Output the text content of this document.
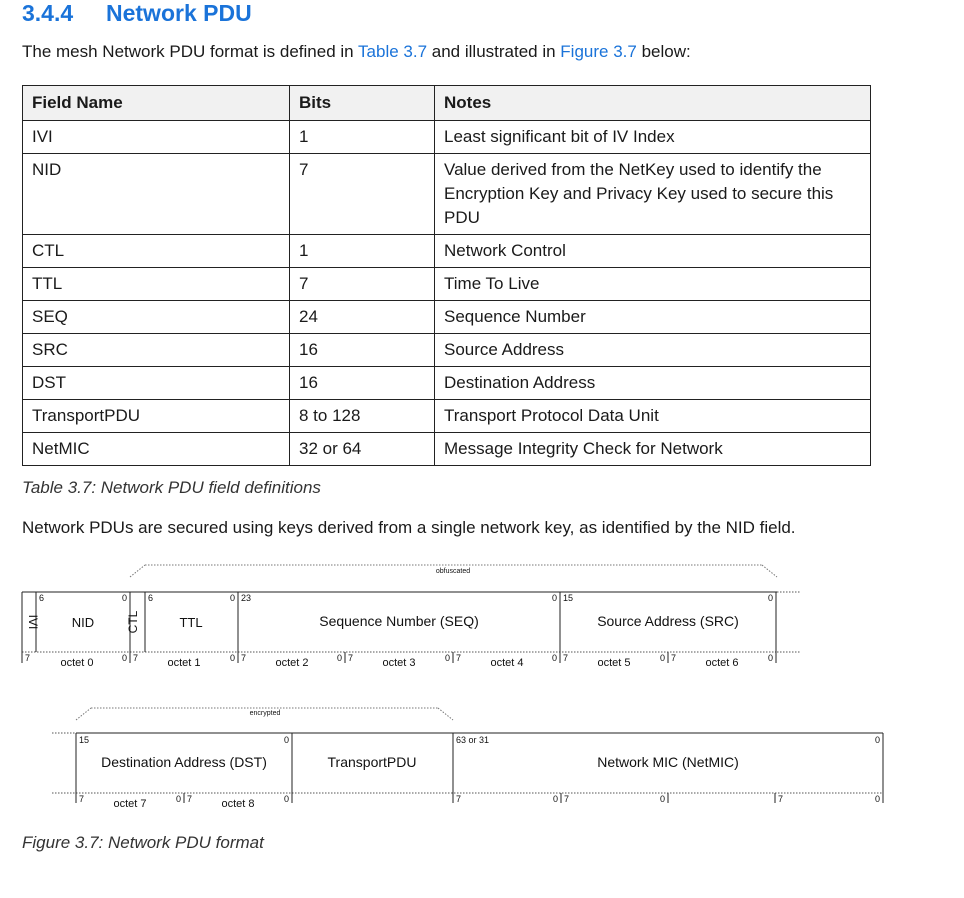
3.4.4	Network PDU
The mesh Network PDU format is defined in Table 3.7 and illustrated in Figure 3.7 below:
Field Name	Bits	Notes
IVI	1	Least significant bit of IV Index
NID	7	Value derived from the NetKey used to identify the Encryption Key and Privacy Key used to secure this PDU
CTL	1	Network Control
TTL	7	Time To Live
SEQ	24	Sequence Number
SRC	16	Source Address
DST	16	Destination Address
TransportPDU	8 to 128	Transport Protocol Data Unit
NetMIC	32 or 64	Message Integrity Check for Network
Table 3.7: Network PDU field definitions
Network PDUs are secured using keys derived from a single network key, as identified by the NID field.
obfuscated
IVI NID	CTL	TTL	Sequence Number (SEQ)	Source Address (SRC)
6	0 6	0 23	0 15	0
7	0 7	0 7	0 7	0 7	0 7	0 7	0
octet 0	octet 1	octet 2	octet 3	octet 4	octet 5	octet 6
encrypted
Destination Address (DST)	TransportPDU	Network MIC (NetMIC)
15	0	63 or 31	0
7	0 7	0	7	0 7	0	7	0
octet 7	octet 8
Figure 3.7: Network PDU format
